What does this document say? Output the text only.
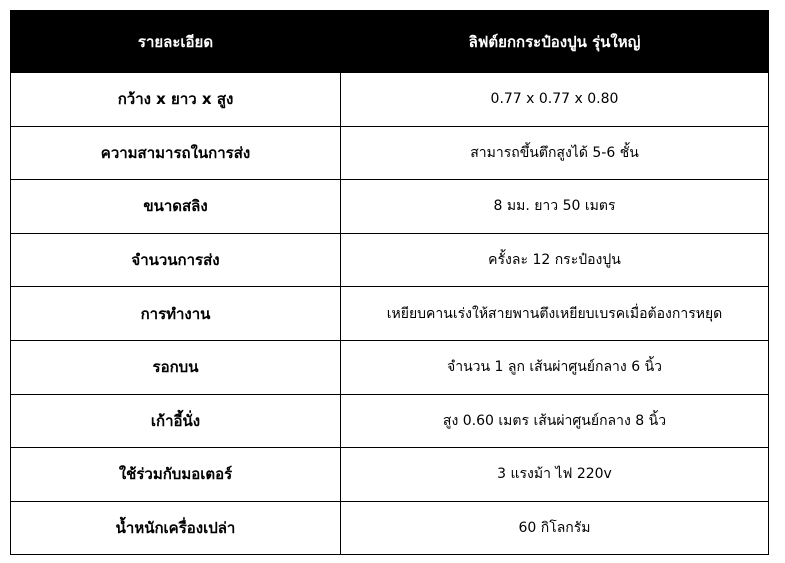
รายละเอียด	ลิฟต์ยกกระป๋องปูน รุ่นใหญ่
กว้าง x ยาว x สูง	0.77 x 0.77 x 0.80
ความสามารถในการส่ง	สามารถขึ้นตึกสูงได้ 5-6 ชั้น
ขนาดสลิง	8 มม. ยาว 50 เมตร
จำนวนการส่ง	ครั้งละ 12 กระป๋องปูน
การทำงาน	เหยียบคานเร่งให้สายพานตึงเหยียบเบรคเมื่อต้องการหยุด
รอกบน	จำนวน 1 ลูก เส้นผ่าศูนย์กลาง 6 นิ้ว
เก้าอี้นั่ง	สูง 0.60 เมตร เส้นผ่าศูนย์กลาง 8 นิ้ว
ใช้ร่วมกับมอเตอร์	3 แรงม้า ไฟ 220v
น้ำหนักเครื่องเปล่า	60 กิโลกรัม
